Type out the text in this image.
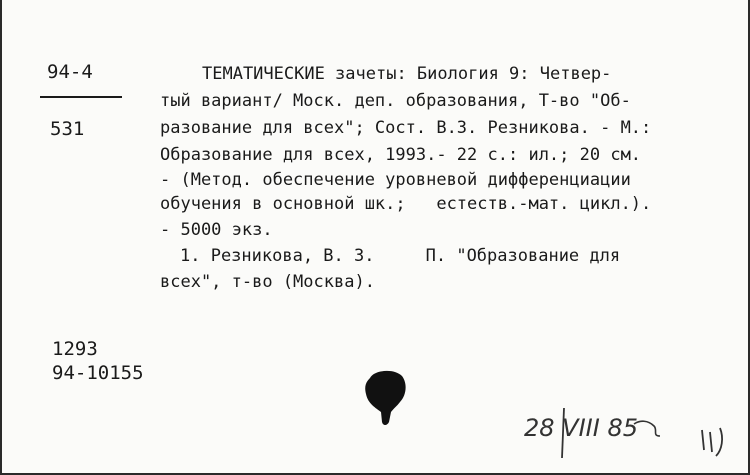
94-4
531
ТЕМАТИЧЕСКИЕ зачеты: Биология 9: Четвер-
тый вариант/ Моск. деп. образования, Т-во "Об-
разование для всех"; Сост. В.З. Резникова. - М.:
Образование для всех, 1993.- 22 с.: ил.; 20 см.
- (Метод. обеспечение уровневой дифференциации
обучения в основной шк.;   естеств.-мат. цикл.).
- 5000 экз.
1. Резникова, В. З.     П. "Образование для
всех", т-во (Москва).
1293
94-10155
28 VIII 85
